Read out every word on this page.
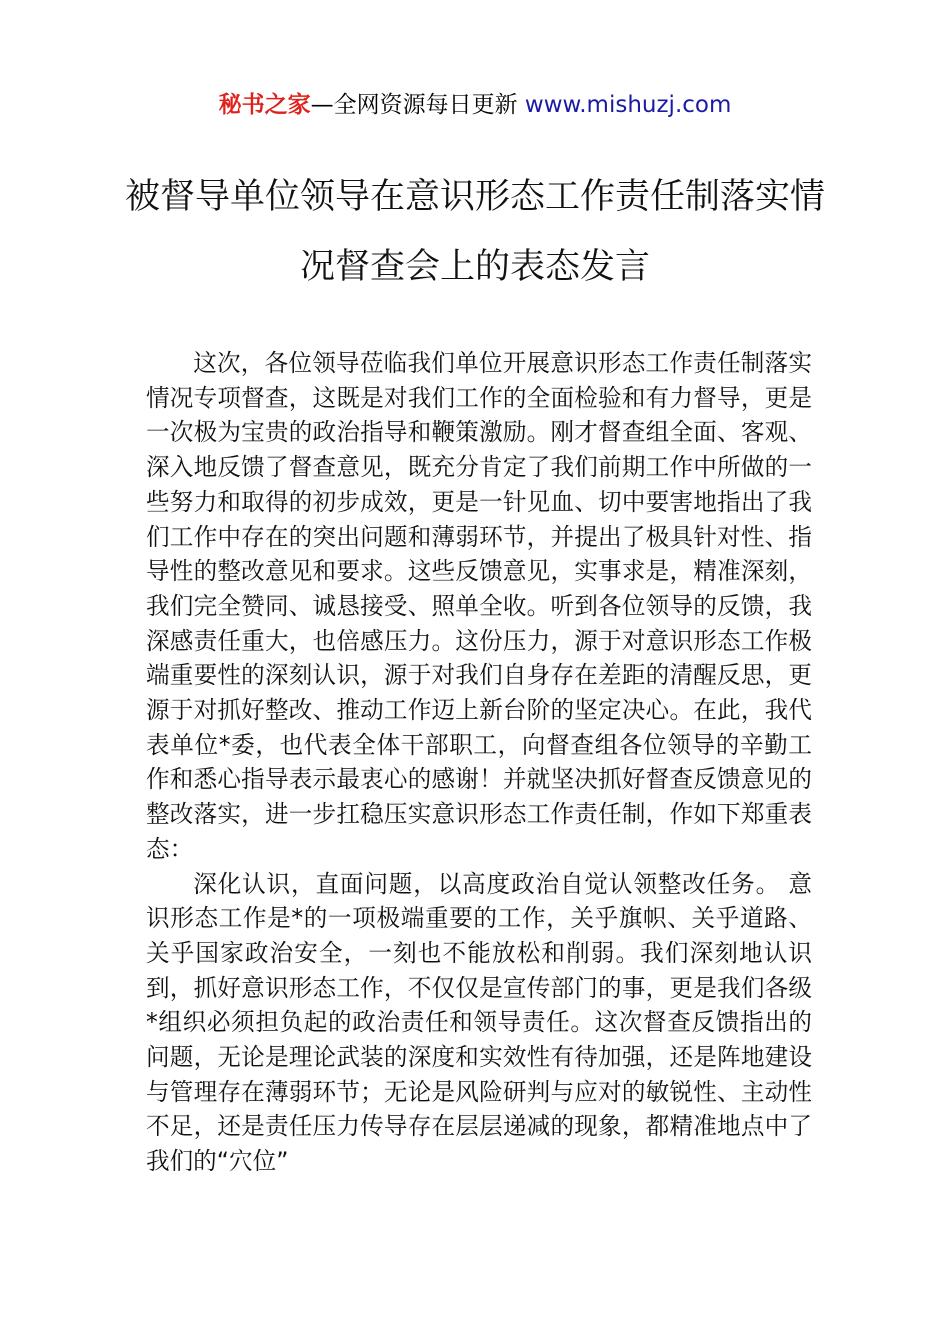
秘书之家—全网资源每日更新 www.mishuzj.com
被督导单位领导在意识形态工作责任制落实情况督查会上的表态发言

这次，各位领导莅临我们单位开展意识形态工作责任制落实情况专项督查，这既是对我们工作的全面检验和有力督导，更是一次极为宝贵的政治指导和鞭策激励。刚才督查组全面、客观、深入地反馈了督查意见，既充分肯定了我们前期工作中所做的一些努力和取得的初步成效，更是一针见血、切中要害地指出了我们工作中存在的突出问题和薄弱环节，并提出了极具针对性、指导性的整改意见和要求。这些反馈意见，实事求是，精准深刻，我们完全赞同、诚恳接受、照单全收。听到各位领导的反馈，我深感责任重大，也倍感压力。这份压力，源于对意识形态工作极端重要性的深刻认识，源于对我们自身存在差距的清醒反思，更源于对抓好整改、推动工作迈上新台阶的坚定决心。在此，我代表单位*委，也代表全体干部职工，向督查组各位领导的辛勤工作和悉心指导表示最衷心的感谢！并就坚决抓好督查反馈意见的整改落实，进一步扛稳压实意识形态工作责任制，作如下郑重表态：

深化认识，直面问题，以高度政治自觉认领整改任务。 意识形态工作是*的一项极端重要的工作，关乎旗帜、关乎道路、关乎国家政治安全，一刻也不能放松和削弱。我们深刻地认识到，抓好意识形态工作，不仅仅是宣传部门的事，更是我们各级*组织必须担负起的政治责任和领导责任。这次督查反馈指出的问题，无论是理论武装的深度和实效性有待加强，还是阵地建设与管理存在薄弱环节；无论是风险研判与应对的敏锐性、主动性不足，还是责任压力传导存在层层递减的现象，都精准地点中了我们的“穴位”
